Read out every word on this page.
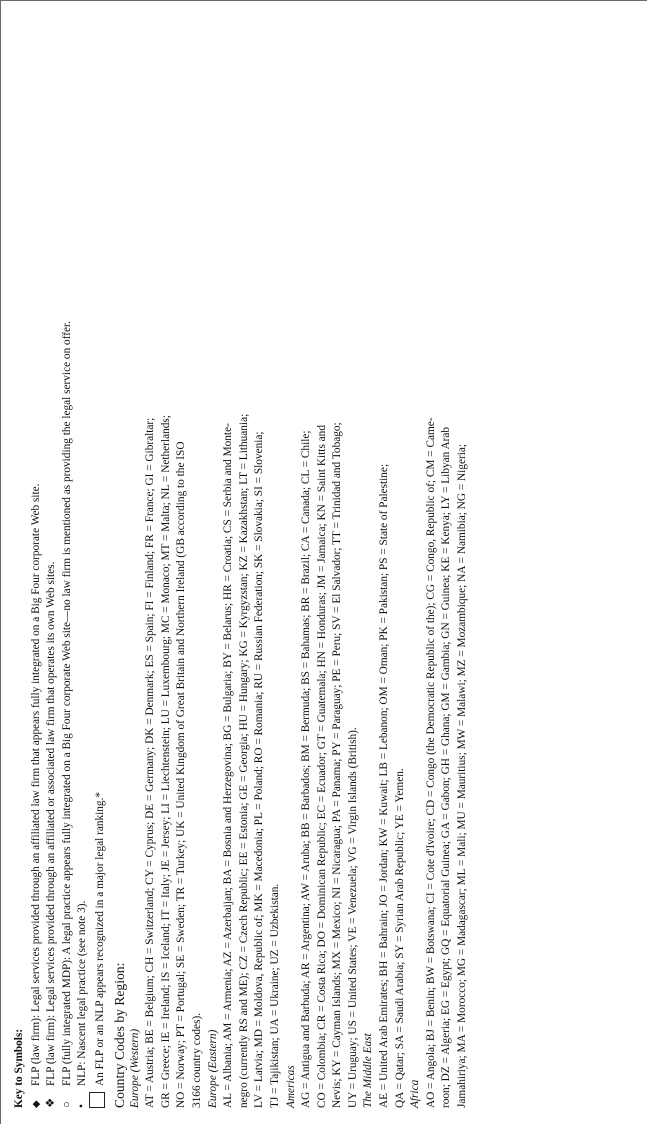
Key to Symbols: ◆
FLP (law firm): Legal services provided through an affiliated law firm that appears fully integrated on a Big Four corporate Web site.
❖
FLP (law firm): Legal services provided through an affiliated or associated law firm that operates its own Web sites.
○
FLP (fully integrated MDP): A legal practice appears fully integrated on a Big Four corporate Web site—no law firm is mentioned as providing the legal service on offer.
•
NLP: Nascent legal practice (see note 3). An FLP or an NLP appears recognized in a major legal ranking.* Country Codes by Region: Europe (Western) AT = Austria; BE = Belgium; CH = Switzerland; CY = Cyprus; DE = Germany; DK = Denmark; ES = Spain; FI = Finland; FR = France; GI = Gibraltar; GR = Greece; IE = Ireland; IS = Iceland; IT = Italy; JE = Jersey; LI = Liechtenstein; LU = Luxembourg; MC = Monaco; MT = Malta; NL = Netherlands; NO = Norway; PT = Portugal; SE = Sweden; TR = Turkey; UK = United Kingdom of Great Britain and Northern Ireland (GB according to the ISO 3166 country codes). Europe (Eastern) AL = Albania; AM = Armenia; AZ = Azerbaijan; BA = Bosnia and Herzegovina; BG = Bulgaria; BY = Belarus; HR = Croatia; CS = Serbia and Monte- negro (currently RS and ME); CZ = Czech Republic; EE = Estonia; GE = Georgia; HU = Hungary; KG = Kyrgyzstan; KZ = Kazakhstan; LT = Lithuania; LV = Latvia; MD = Moldova, Republic of; MK = Macedonia; PL = Poland; RO = Romania; RU = Russian Federation; SK = Slovakia; SI = Slovenia; TJ = Tajikistan; UA = Ukraine; UZ = Uzbekistan. Americas AG = Antigua and Barbuda; AR = Argentina; AW = Aruba; BB = Barbados; BM = Bermuda; BS = Bahamas; BR = Brazil; CA = Canada; CL = Chile; CO = Colombia; CR = Costa Rica; DO = Dominican Republic; EC = Ecuador; GT = Guatemala; HN = Honduras; JM = Jamaica; KN = Saint Kitts and Nevis; KY = Cayman Islands; MX = Mexico; NI = Nicaragua; PA = Panama; PY = Paraguay; PE = Peru; SV = El Salvador; TT = Trinidad and Tobago; UY = Uruguay; US = United States; VE = Venezuela; VG = Virgin Islands (British). The Middle East AE = United Arab Emirates; BH = Bahrain; JO = Jordan; KW = Kuwait; LB = Lebanon; OM = Oman; PK = Pakistan; PS = State of Palestine; QA = Qatar; SA = Saudi Arabia; SY = Syrian Arab Republic; YE = Yemen. Africa AO = Angola; BJ = Benin; BW = Botswana; CI = Cote d'Ivoire; CD = Congo (the Democratic Republic of the); CG = Congo, Republic of; CM = Came- roon; DZ = Algeria; EG = Egypt; GQ = Equatorial Guinea; GA = Gabon; GH = Ghana; GM = Gambia; GN = Guinea; KE = Kenya; LY = Libyan Arab Jamahiriya; MA = Morocco; MG = Madagascar; ML = Mali; MU = Mauritius; MW = Malawi; MZ = Mozambique; NA = Namibia; NG = Nigeria;
